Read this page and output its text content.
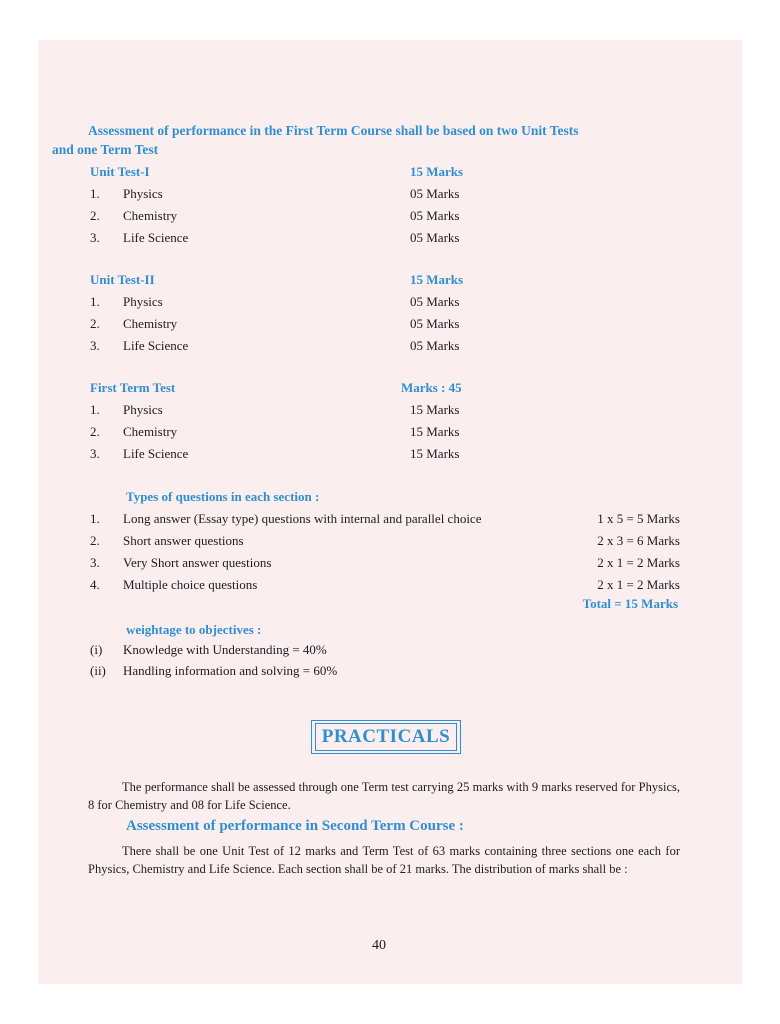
Assessment of performance in the First Term Course shall be based on two Unit Tests
and one Term Test
Unit Test-I	15 Marks
1. Physics	05 Marks
2. Chemistry	05 Marks
3. Life Science	05 Marks
Unit Test-II	15 Marks
1. Physics	05 Marks
2. Chemistry	05 Marks
3. Life Science	05 Marks
First Term Test	Marks : 45
1. Physics	15 Marks
2. Chemistry	15 Marks
3. Life Science	15 Marks
Types of questions in each section :
1. Long answer (Essay type) questions with internal and parallel choice	1 x 5 = 5 Marks
2. Short answer questions	2 x 3 = 6 Marks
3. Very Short answer questions	2 x 1 = 2 Marks
4. Multiple choice questions	2 x 1 = 2 Marks
Total = 15 Marks
weightage to objectives :
(i) Knowledge with Understanding = 40%
(ii) Handling information and solving = 60%
PRACTICALS
The performance shall be assessed through one Term test carrying 25 marks with 9 marks reserved for Physics, 8 for Chemistry and 08 for Life Science.
Assessment of performance in Second Term Course :
There shall be one Unit Test of 12 marks and Term Test of 63 marks containing three sections one each for Physics, Chemistry and Life Science. Each section shall be of 21 marks. The distribution of marks shall be :
40
